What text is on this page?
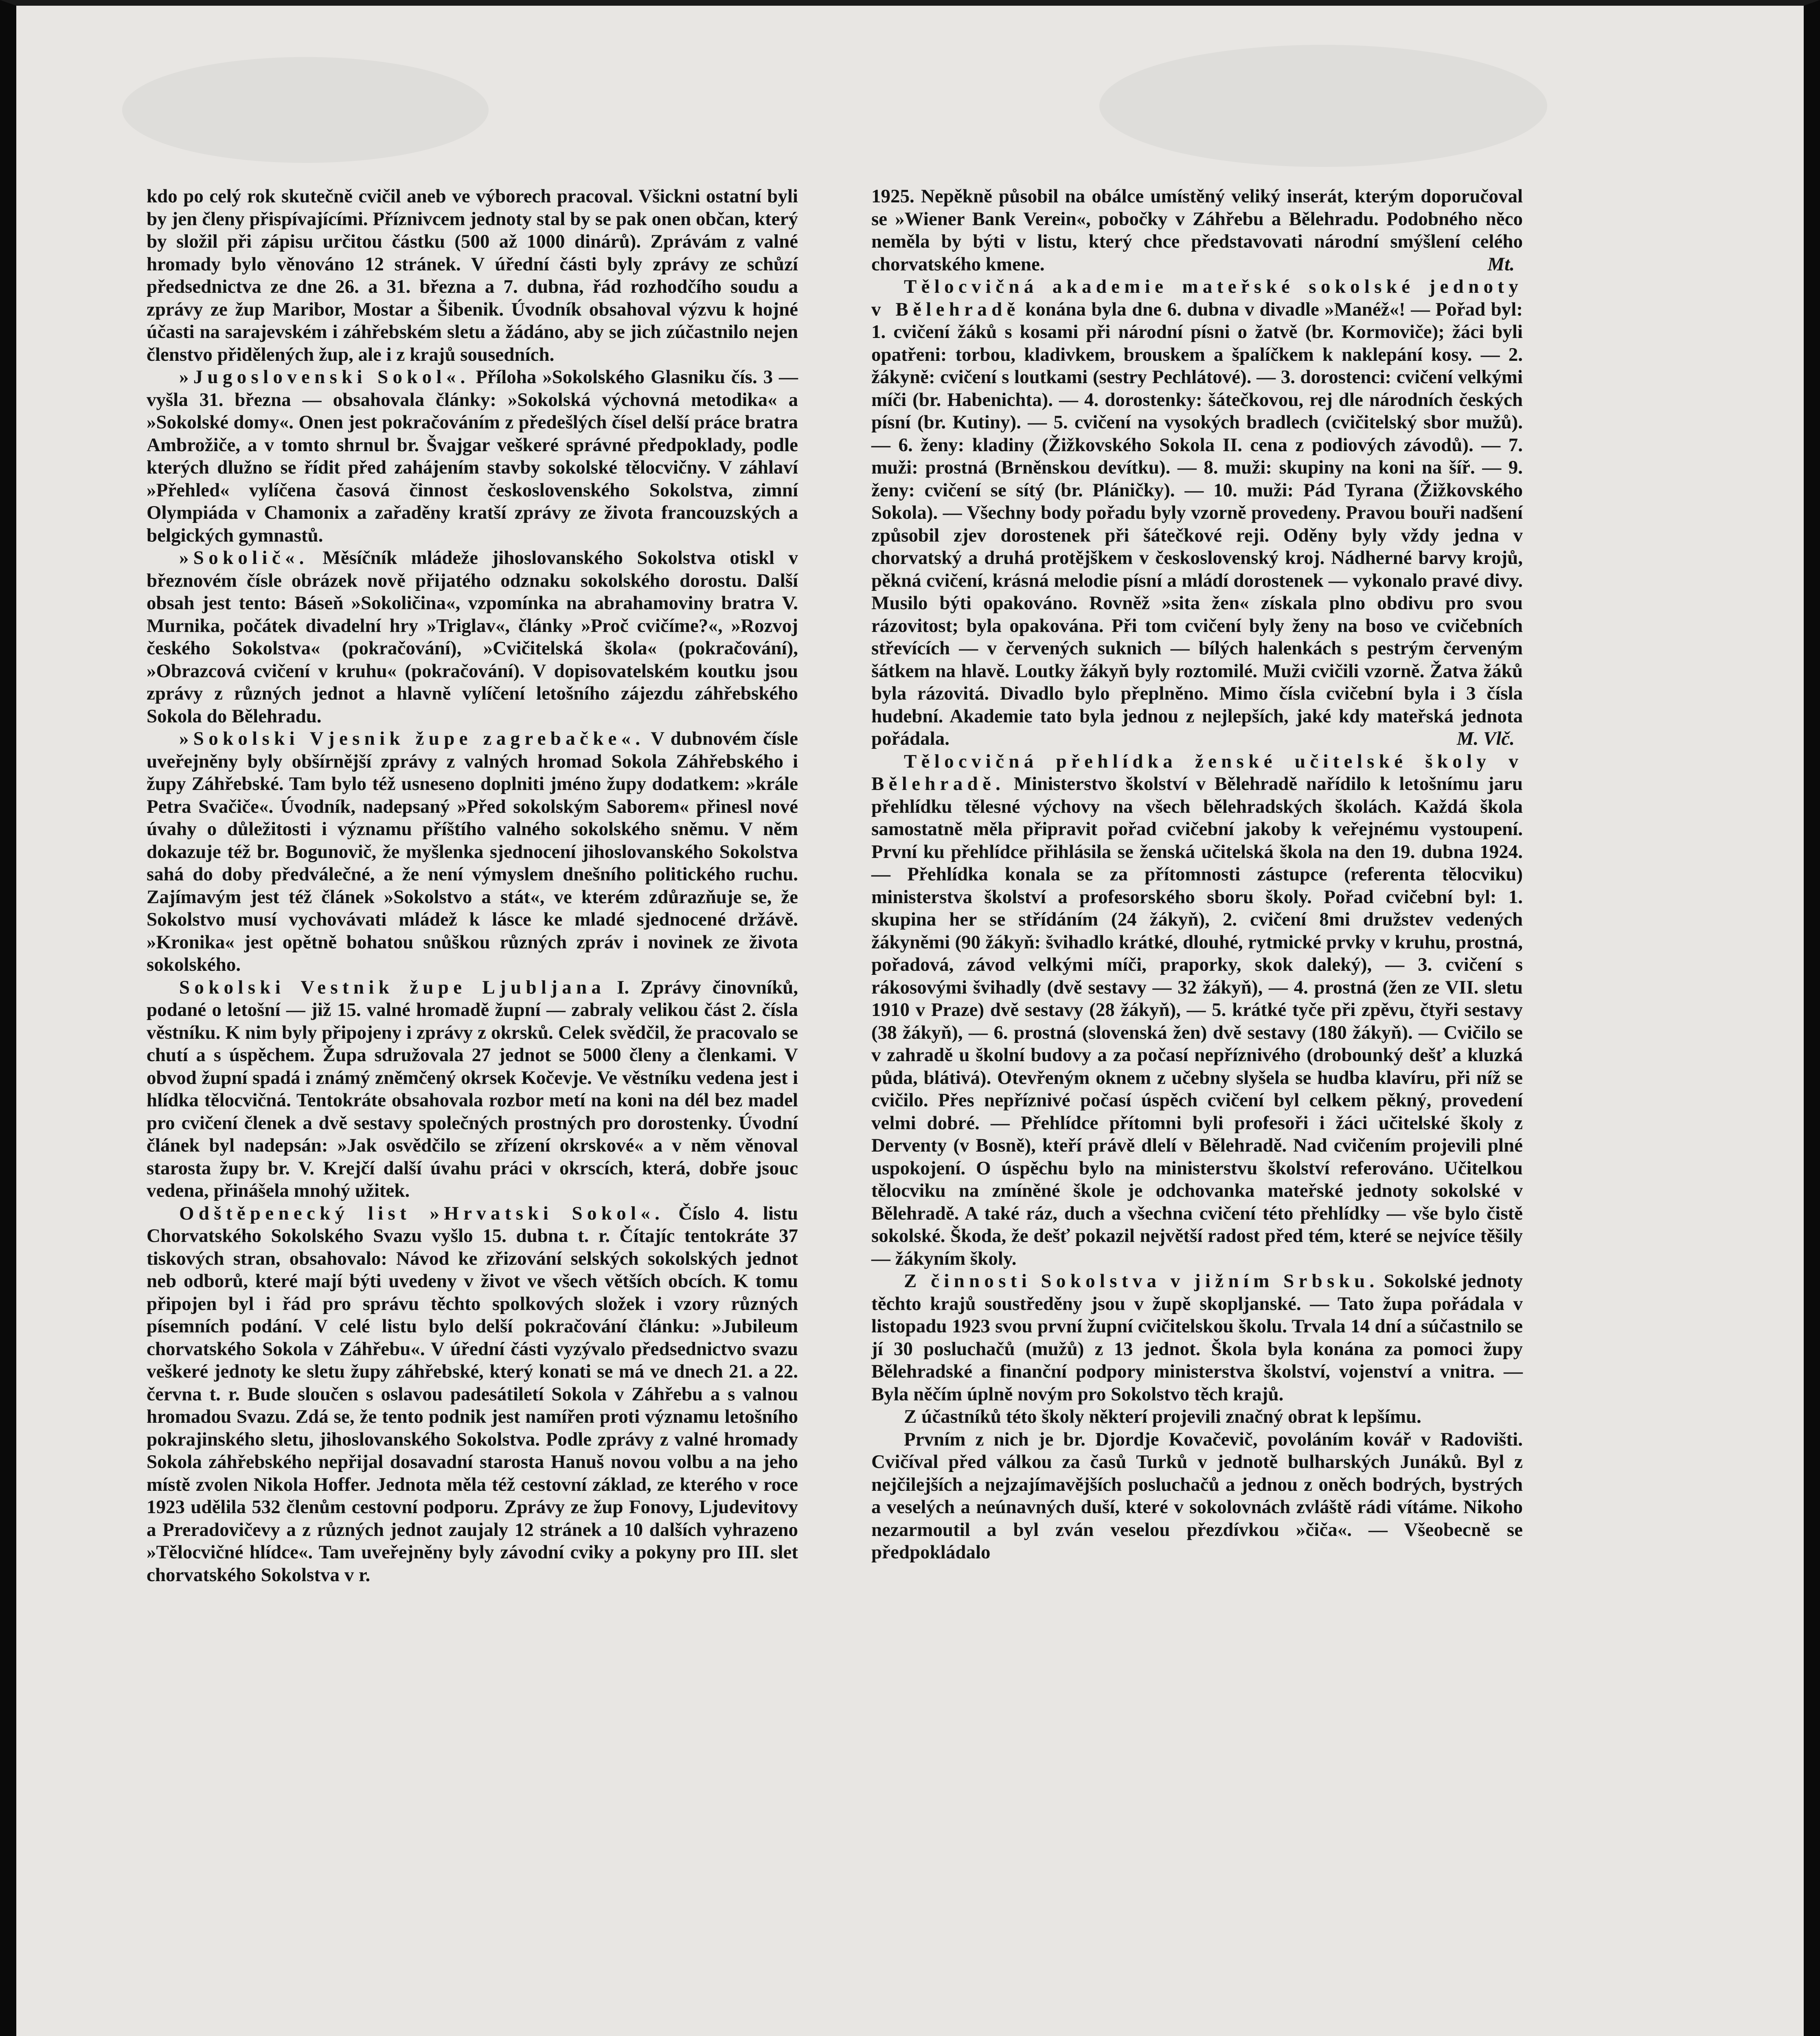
kdo po celý rok skutečně cvičil aneb ve výborech pracoval. Všickni ostatní byli by jen členy přispívajícími. Příznivcem jednoty stal by se pak onen občan, který by složil při zápisu určitou částku (500 až 1000 dinárů). Zprávám z valné hromady bylo věnováno 12 stránek. V úřední části byly zprávy ze schůzí předsednictva ze dne 26. a 31. března a 7. dubna, řád rozhodčího soudu a zprávy ze žup Maribor, Mostar a Šibenik. Úvodník obsahoval výzvu k hojné účasti na sarajevském i záhřebském sletu a žádáno, aby se jich zúčastnilo nejen členstvo přidělených žup, ale i z krajů sousedních.

»Jugoslovenski Sokol«. Příloha »Sokolského Glasniku čís. 3 — vyšla 31. března — obsahovala články: »Sokolská výchovná metodika« a »Sokolské domy«. Onen jest pokračováním z předešlých čísel delší práce bratra Ambrožiče, a v tomto shrnul br. Švajgar veškeré správné předpoklady, podle kterých dlužno se řídit před zahájením stavby sokolské tělocvičny. V záhlaví »Přehled« vylíčena časová činnost československého Sokolstva, zimní Olympiáda v Chamonix a zařaděny kratší zprávy ze života francouzských a belgických gymnastů.

»Sokolič«. Měsíčník mládeže jihoslovanského Sokolstva otiskl v březnovém čísle obrázek nově přijatého odznaku sokolského dorostu. Další obsah jest tento: Báseň »Sokoličina«, vzpomínka na abrahamoviny bratra V. Murnika, počátek divadelní hry »Triglav«, články »Proč cvičíme?«, »Rozvoj českého Sokolstva« (pokračování), »Cvičitelská škola« (pokračování), »Obrazcová cvičení v kruhu« (pokračování). V dopisovatelském koutku jsou zprávy z různých jednot a hlavně vylíčení letošního zájezdu záhřebského Sokola do Bělehradu.

»Sokolski Vjesnik župe zagrebačke«. V dubnovém čísle uveřejněny byly obšírnější zprávy z valných hromad Sokola Záhřebského i župy Záhřebské. Tam bylo též usneseno doplniti jméno župy dodatkem: »krále Petra Svačiče«. Úvodník, nadepsaný »Před sokolským Saborem« přinesl nové úvahy o důležitosti i významu příštího valného sokolského sněmu. V něm dokazuje též br. Bogunovič, že myšlenka sjednocení jihoslovanského Sokolstva sahá do doby předválečné, a že není výmyslem dnešního politického ruchu. Zajímavým jest též článek »Sokolstvo a stát«, ve kterém zdůrazňuje se, že Sokolstvo musí vychovávati mládež k lásce ke mladé sjednocené držávě. »Kronika« jest opětně bohatou snůškou různých zpráv i novinek ze života sokolského.

Sokolski Vestnik župe Ljubljana I. Zprávy činovníků, podané o letošní — již 15. valné hromadě župní — zabraly velikou část 2. čísla věstníku. K nim byly připojeny i zprávy z okrsků. Celek svědčil, že pracovalo se chutí a s úspěchem. Župa sdružovala 27 jednot se 5000 členy a členkami. V obvod župní spadá i známý zněmčený okrsek Kočevje. Ve věstníku vedena jest i hlídka tělocvičná. Tentokráte obsahovala rozbor metí na koni na dél bez madel pro cvičení členek a dvě sestavy společných prostných pro dorostenky. Úvodní článek byl nadepsán: »Jak osvědčilo se zřízení okrskové« a v něm věnoval starosta župy br. V. Krejčí další úvahu práci v okrscích, která, dobře jsouc vedena, přinášela mnohý užitek.

Odštěpenecký list »Hrvatski Sokol«. Číslo 4. listu Chorvatského Sokolského Svazu vyšlo 15. dubna t. r. Čítajíc tentokráte 37 tiskových stran, obsahovalo: Návod ke zřizování selských sokolských jednot neb odborů, které mají býti uvedeny v život ve všech větších obcích. K tomu připojen byl i řád pro správu těchto spolkových složek i vzory různých písemních podání. V celé listu bylo delší pokračování článku: »Jubileum chorvatského Sokola v Záhřebu«. V úřední části vyzývalo předsednictvo svazu veškeré jednoty ke sletu župy záhřebské, který konati se má ve dnech 21. a 22. června t. r. Bude sloučen s oslavou padesátiletí Sokola v Záhřebu a s valnou hromadou Svazu. Zdá se, že tento podnik jest namířen proti významu letošního pokrajinského sletu, jihoslovanského Sokolstva. Podle zprávy z valné hromady Sokola záhřebského nepřijal dosavadní starosta Hanuš novou volbu a na jeho místě zvolen Nikola Hoffer. Jednota měla též cestovní základ, ze kterého v roce 1923 udělila 532 členům cestovní podporu. Zprávy ze žup Fonovy, Ljudevitovy a Preradovičevy a z různých jednot zaujaly 12 stránek a 10 dalších vyhrazeno »Tělocvičné hlídce«. Tam uveřejněny byly závodní cviky a pokyny pro III. slet chorvatského Sokolstva v r.

1925. Nepěkně působil na obálce umístěný veliký inserát, kterým doporučoval se »Wiener Bank Verein«, pobočky v Záhřebu a Bělehradu. Podobného něco neměla by býti v listu, který chce představovati národní smýšlení celého chorvatského kmene.	Mt.

Tělocvičná akademie mateřské sokolské jednoty v Bělehradě konána byla dne 6. dubna v divadle »Manéž«! — Pořad byl: 1. cvičení žáků s kosami při národní písni o žatvě (br. Kormoviče); žáci byli opatřeni: torbou, kladivkem, brouskem a špalíčkem k naklepání kosy. — 2. žákyně: cvičení s loutkami (sestry Pechlátové). — 3. dorostenci: cvičení velkými míči (br. Habenichta). — 4. dorostenky: šátečkovou, rej dle národních českých písní (br. Kutiny). — 5. cvičení na vysokých bradlech (cvičitelský sbor mužů). — 6. ženy: kladiny (Žižkovského Sokola II. cena z podiových závodů). — 7. muži: prostná (Brněnskou devítku). — 8. muži: skupiny na koni na šíř. — 9. ženy: cvičení se sítý (br. Pláničky). — 10. muži: Pád Tyrana (Žižkovského Sokola). — Všechny body pořadu byly vzorně provedeny. Pravou bouři nadšení způsobil zjev dorostenek při šátečkové reji. Oděny byly vždy jedna v chorvatský a druhá protějškem v československý kroj. Nádherné barvy krojů, pěkná cvičení, krásná melodie písní a mládí dorostenek — vykonalo pravé divy. Musilo býti opakováno. Rovněž »sita žen« získala plno obdivu pro svou rázovitost; byla opakována. Při tom cvičení byly ženy na boso ve cvičebních střevících — v červených suknich — bílých halenkách s pestrým červeným šátkem na hlavě. Loutky žákyň byly roztomilé. Muži cvičili vzorně. Žatva žáků byla rázovitá. Divadlo bylo přeplněno. Mimo čísla cvičební byla i 3 čísla hudební. Akademie tato byla jednou z nejlepších, jaké kdy mateřská jednota pořádala.	M. Vlč.

Tělocvičná přehlídka ženské učitelské školy v Bělehradě. Ministerstvo školství v Bělehradě nařídilo k letošnímu jaru přehlídku tělesné výchovy na všech bělehradských školách. Každá škola samostatně měla připravit pořad cvičební jakoby k veřejnému vystoupení. První ku přehlídce přihlásila se ženská učitelská škola na den 19. dubna 1924. — Přehlídka konala se za přítomnosti zástupce (referenta tělocviku) ministerstva školství a profesorského sboru školy. Pořad cvičební byl: 1. skupina her se střídáním (24 žákyň), 2. cvičení 8mi družstev vedených žákyněmi (90 žákyň: švihadlo krátké, dlouhé, rytmické prvky v kruhu, prostná, pořadová, závod velkými míči, praporky, skok daleký), — 3. cvičení s rákosovými švihadly (dvě sestavy — 32 žákyň), — 4. prostná (žen ze VII. sletu 1910 v Praze) dvě sestavy (28 žákyň), — 5. krátké tyče při zpěvu, čtyři sestavy (38 žákyň), — 6. prostná (slovenská žen) dvě sestavy (180 žákyň). — Cvičilo se v zahradě u školní budovy a za počasí nepříznivého (drobounký dešť a kluzká půda, blátivá). Otevřeným oknem z učebny slyšela se hudba klavíru, při níž se cvičilo. Přes nepříznivé počasí úspěch cvičení byl celkem pěkný, provedení velmi dobré. — Přehlídce přítomni byli profesoři i žáci učitelské školy z Derventy (v Bosně), kteří právě dlelí v Bělehradě. Nad cvičením projevili plné uspokojení. O úspěchu bylo na ministerstvu školství referováno. Učitelkou tělocviku na zmíněné škole je odchovanka mateřské jednoty sokolské v Bělehradě. A také ráz, duch a všechna cvičení této přehlídky — vše bylo čistě sokolské. Škoda, že dešť pokazil největší radost před tém, které se nejvíce těšily — žákyním školy.

Z činnosti Sokolstva v jižním Srbsku. Sokolské jednoty těchto krajů soustředěny jsou v župě skopljanské. — Tato župa pořádala v listopadu 1923 svou první župní cvičitelskou školu. Trvala 14 dní a súčastnilo se jí 30 posluchačů (mužů) z 13 jednot. Škola byla konána za pomoci župy Bělehradské a finanční podpory ministerstva školství, vojenství a vnitra. — Byla něčím úplně novým pro Sokolstvo těch krajů.

Z účastníků této školy některí projevili značný obrat k lepšímu.

Prvním z nich je br. Djordje Kovačevič, povoláním kovář v Radovišti. Cvičíval před válkou za časů Turků v jednotě bulharských Junáků. Byl z nejčilejších a nejzajímavějších posluchačů a jednou z oněch bodrých, bystrých a veselých a neúnavných duší, které v sokolovnách zvláště rádi vítáme. Nikoho nezarmoutil a byl zván veselou přezdívkou »čiča«. — Všeobecně se předpokládalo
